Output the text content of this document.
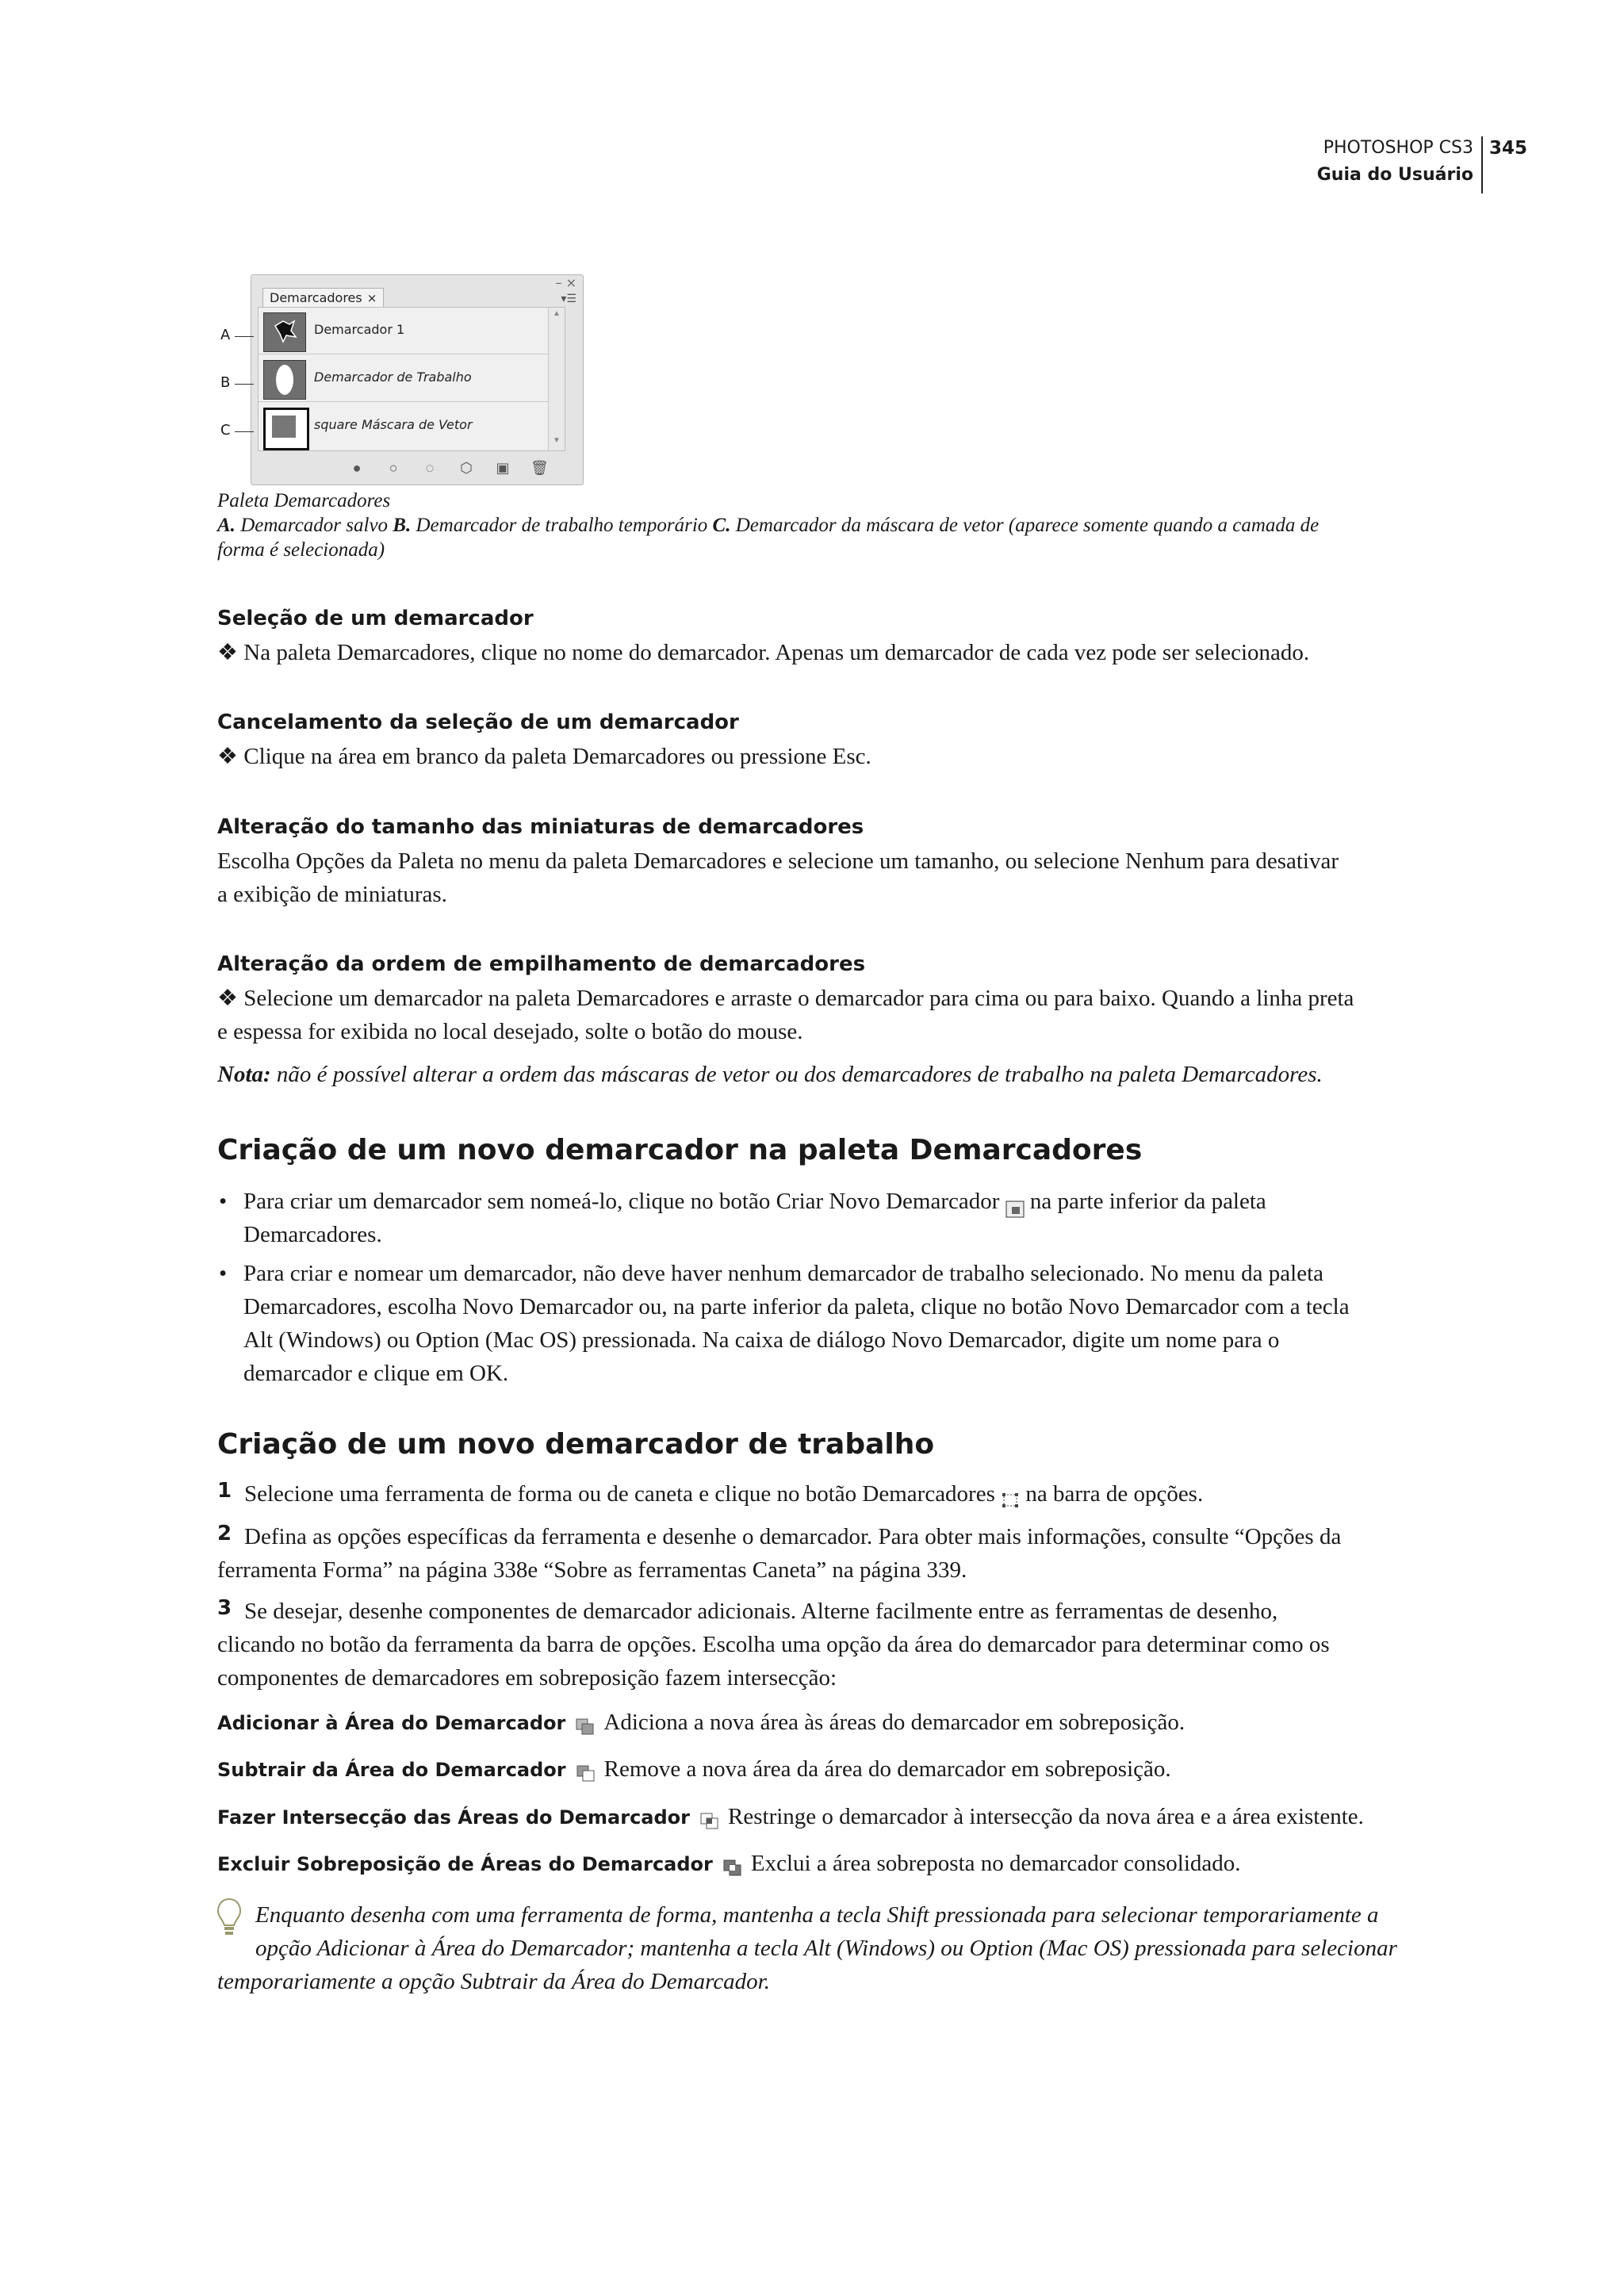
PHOTOSHOP CS3
Guia do Usuário
345
– ×
Demarcadores ×	▾☰
Demarcador 1
Demarcador de Trabalho
square Máscara de Vetor
▲
▼
●	○	◌	⬡ ▣ 🗑
A
B
C
Paleta Demarcadores
A. Demarcador salvo B. Demarcador de trabalho temporário C. Demarcador da máscara de vetor (aparece somente quando a camada de
forma é selecionada)
Seleção de um demarcador
❖ Na paleta Demarcadores, clique no nome do demarcador. Apenas um demarcador de cada vez pode ser selecionado.
Cancelamento da seleção de um demarcador
❖ Clique na área em branco da paleta Demarcadores ou pressione Esc.
Alteração do tamanho das miniaturas de demarcadores
Escolha Opções da Paleta no menu da paleta Demarcadores e selecione um tamanho, ou selecione Nenhum para desativar
a exibição de miniaturas.
Alteração da ordem de empilhamento de demarcadores
❖ Selecione um demarcador na paleta Demarcadores e arraste o demarcador para cima ou para baixo. Quando a linha preta
e espessa for exibida no local desejado, solte o botão do mouse.
Nota: não é possível alterar a ordem das máscaras de vetor ou dos demarcadores de trabalho na paleta Demarcadores.
Criação de um novo demarcador na paleta Demarcadores
• Para criar um demarcador sem nomeá-lo, clique no botão Criar Novo Demarcador na parte inferior da paleta
Demarcadores.
• Para criar e nomear um demarcador, não deve haver nenhum demarcador de trabalho selecionado. No menu da paleta
Demarcadores, escolha Novo Demarcador ou, na parte inferior da paleta, clique no botão Novo Demarcador com a tecla
Alt (Windows) ou Option (Mac OS) pressionada. Na caixa de diálogo Novo Demarcador, digite um nome para o
demarcador e clique em OK.
Criação de um novo demarcador de trabalho
1 Selecione uma ferramenta de forma ou de caneta e clique no botão Demarcadores na barra de opções.
2 Defina as opções específicas da ferramenta e desenhe o demarcador. Para obter mais informações, consulte “Opções da
ferramenta Forma” na página 338e “Sobre as ferramentas Caneta” na página 339.
3 Se desejar, desenhe componentes de demarcador adicionais. Alterne facilmente entre as ferramentas de desenho,
clicando no botão da ferramenta da barra de opções. Escolha uma opção da área do demarcador para determinar como os
componentes de demarcadores em sobreposição fazem intersecção:
Adicionar à Área do Demarcador Adiciona a nova área às áreas do demarcador em sobreposição.
Subtrair da Área do Demarcador Remove a nova área da área do demarcador em sobreposição.
Fazer Intersecção das Áreas do Demarcador Restringe o demarcador à intersecção da nova área e a área existente.
Excluir Sobreposição de Áreas do Demarcador Exclui a área sobreposta no demarcador consolidado.
Enquanto desenha com uma ferramenta de forma, mantenha a tecla Shift pressionada para selecionar temporariamente a
opção Adicionar à Área do Demarcador; mantenha a tecla Alt (Windows) ou Option (Mac OS) pressionada para selecionar
temporariamente a opção Subtrair da Área do Demarcador.
